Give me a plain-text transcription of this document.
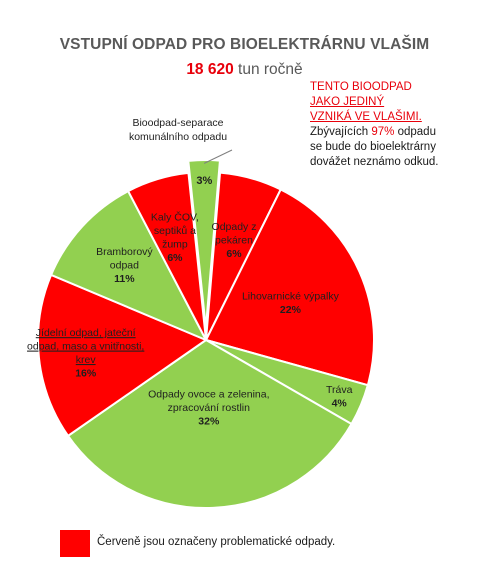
VSTUPNÍ ODPAD PRO BIOELEKTRÁRNU VLAŠIM
18 620 tun ročně
3%
Bioodpad-separace komunálního odpadu
Odpady z pekáren 6%
Lihovarnické výpalky 22%
Tráva 4%
Odpady ovoce a zelenina, zpracování rostlin 32%
Jídelní odpad, jateční odpad, maso a vnitřnosti, krev 16%
Bramborový odpad 11%
Kaly ČOV, septiků a žump 6%
TENTO BIOODPAD
JAKO JEDINÝ
VZNIKÁ VE VLAŠIMI.
Zbývajících 97% odpadu
se bude do bioelektrárny
dovážet neznámo odkud.
Červeně jsou označeny problematické odpady.
